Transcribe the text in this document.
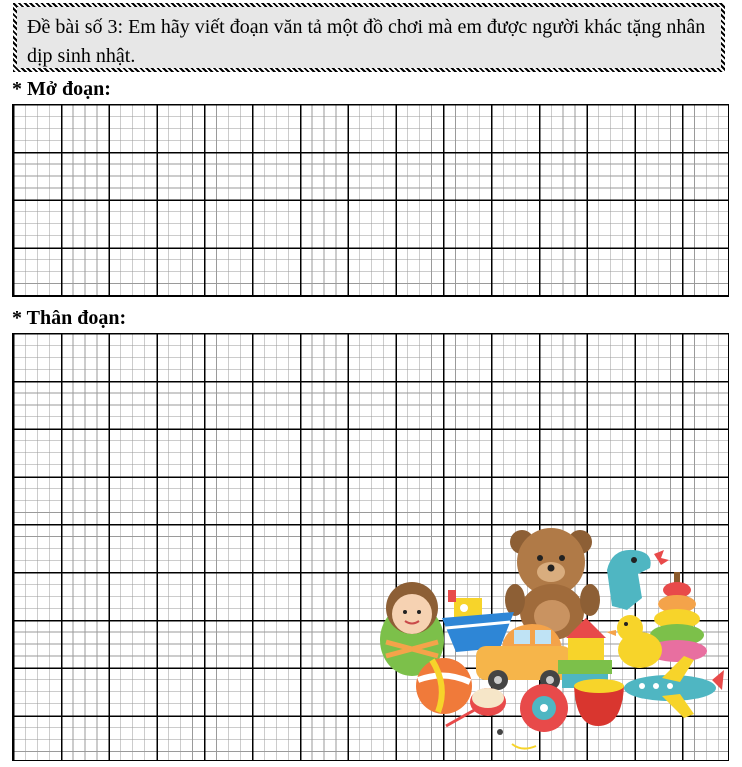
Đề bài số 3: Em hãy viết đoạn văn tả một đồ chơi mà em được người khác tặng nhân dịp sinh nhật.
* Mở đoạn:
* Thân đoạn:
